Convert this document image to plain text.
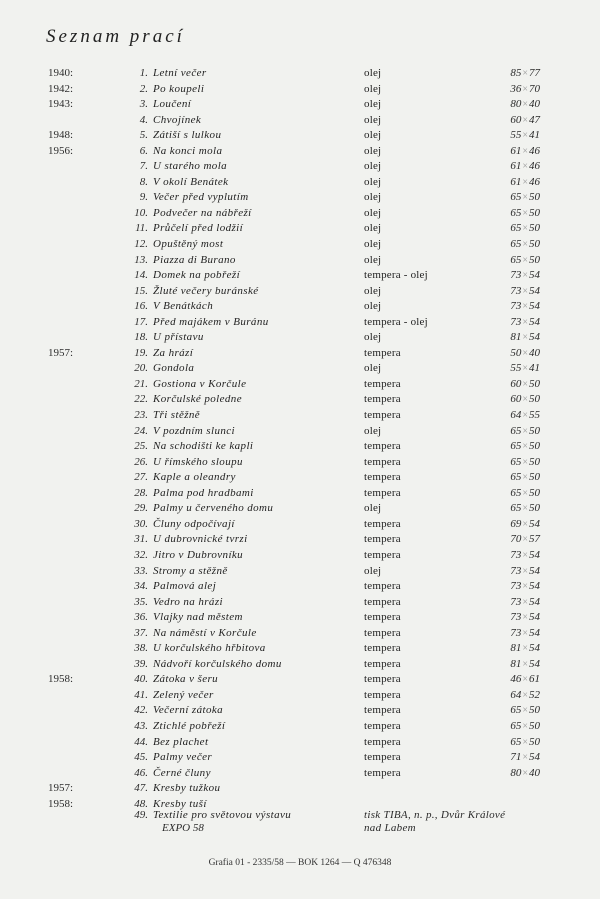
Seznam prací
1940:	1. Letní večer	olej	85×77
1942:	2. Po koupeli	olej	36×70
1943:	3. Loučení	olej	80×40
4. Chvojínek	olej	60×47
1948:	5. Zátiší s lulkou	olej	55×41
1956:	6. Na konci mola	olej	61×46
7. U starého mola	olej	61×46
8. V okolí Benátek	olej	61×46
9. Večer před vyplutím	olej	65×50
10. Podvečer na nábřeží	olej	65×50
11. Průčelí před lodžií	olej	65×50
12. Opuštěný most	olej	65×50
13. Piazza di Burano	olej	65×50
14. Domek na pobřeží	tempera - olej	73×54
15. Žluté večery buránské	olej	73×54
16. V Benátkách	olej	73×54
17. Před majákem v Buránu	tempera - olej	73×54
18. U přístavu	olej	81×54
1957:	19. Za hrází	tempera	50×40
20. Gondola	olej	55×41
21. Gostiona v Korčule	tempera	60×50
22. Korčulské poledne	tempera	60×50
23. Tři stěžně	tempera	64×55
24. V pozdním slunci	olej	65×50
25. Na schodišti ke kapli	tempera	65×50
26. U římského sloupu	tempera	65×50
27. Kaple a oleandry	tempera	65×50
28. Palma pod hradbami	tempera	65×50
29. Palmy u červeného domu	olej	65×50
30. Čluny odpočívají	tempera	69×54
31. U dubrovnické tvrzi	tempera	70×57
32. Jitro v Dubrovníku	tempera	73×54
33. Stromy a stěžně	olej	73×54
34. Palmová alej	tempera	73×54
35. Vedro na hrázi	tempera	73×54
36. Vlajky nad městem	tempera	73×54
37. Na náměstí v Korčule	tempera	73×54
38. U korčulského hřbitova	tempera	81×54
39. Nádvoří korčulského domu	tempera	81×54
1958:	40. Zátoka v šeru	tempera	46×61
41. Zelený večer	tempera	64×52
42. Večerní zátoka	tempera	65×50
43. Ztichlé pobřeží	tempera	65×50
44. Bez plachet	tempera	65×50
45. Palmy večer	tempera	71×54
46. Černé čluny	tempera	80×40
1957:	47. Kresby tužkou
1958:	48. Kresby tuší
49. Textilie pro světovou výstavu
EXPO 58
tisk TIBA, n. p., Dvůr Králové
nad Labem
Grafia 01 - 2335/58 — BOK 1264 — Q 476348
